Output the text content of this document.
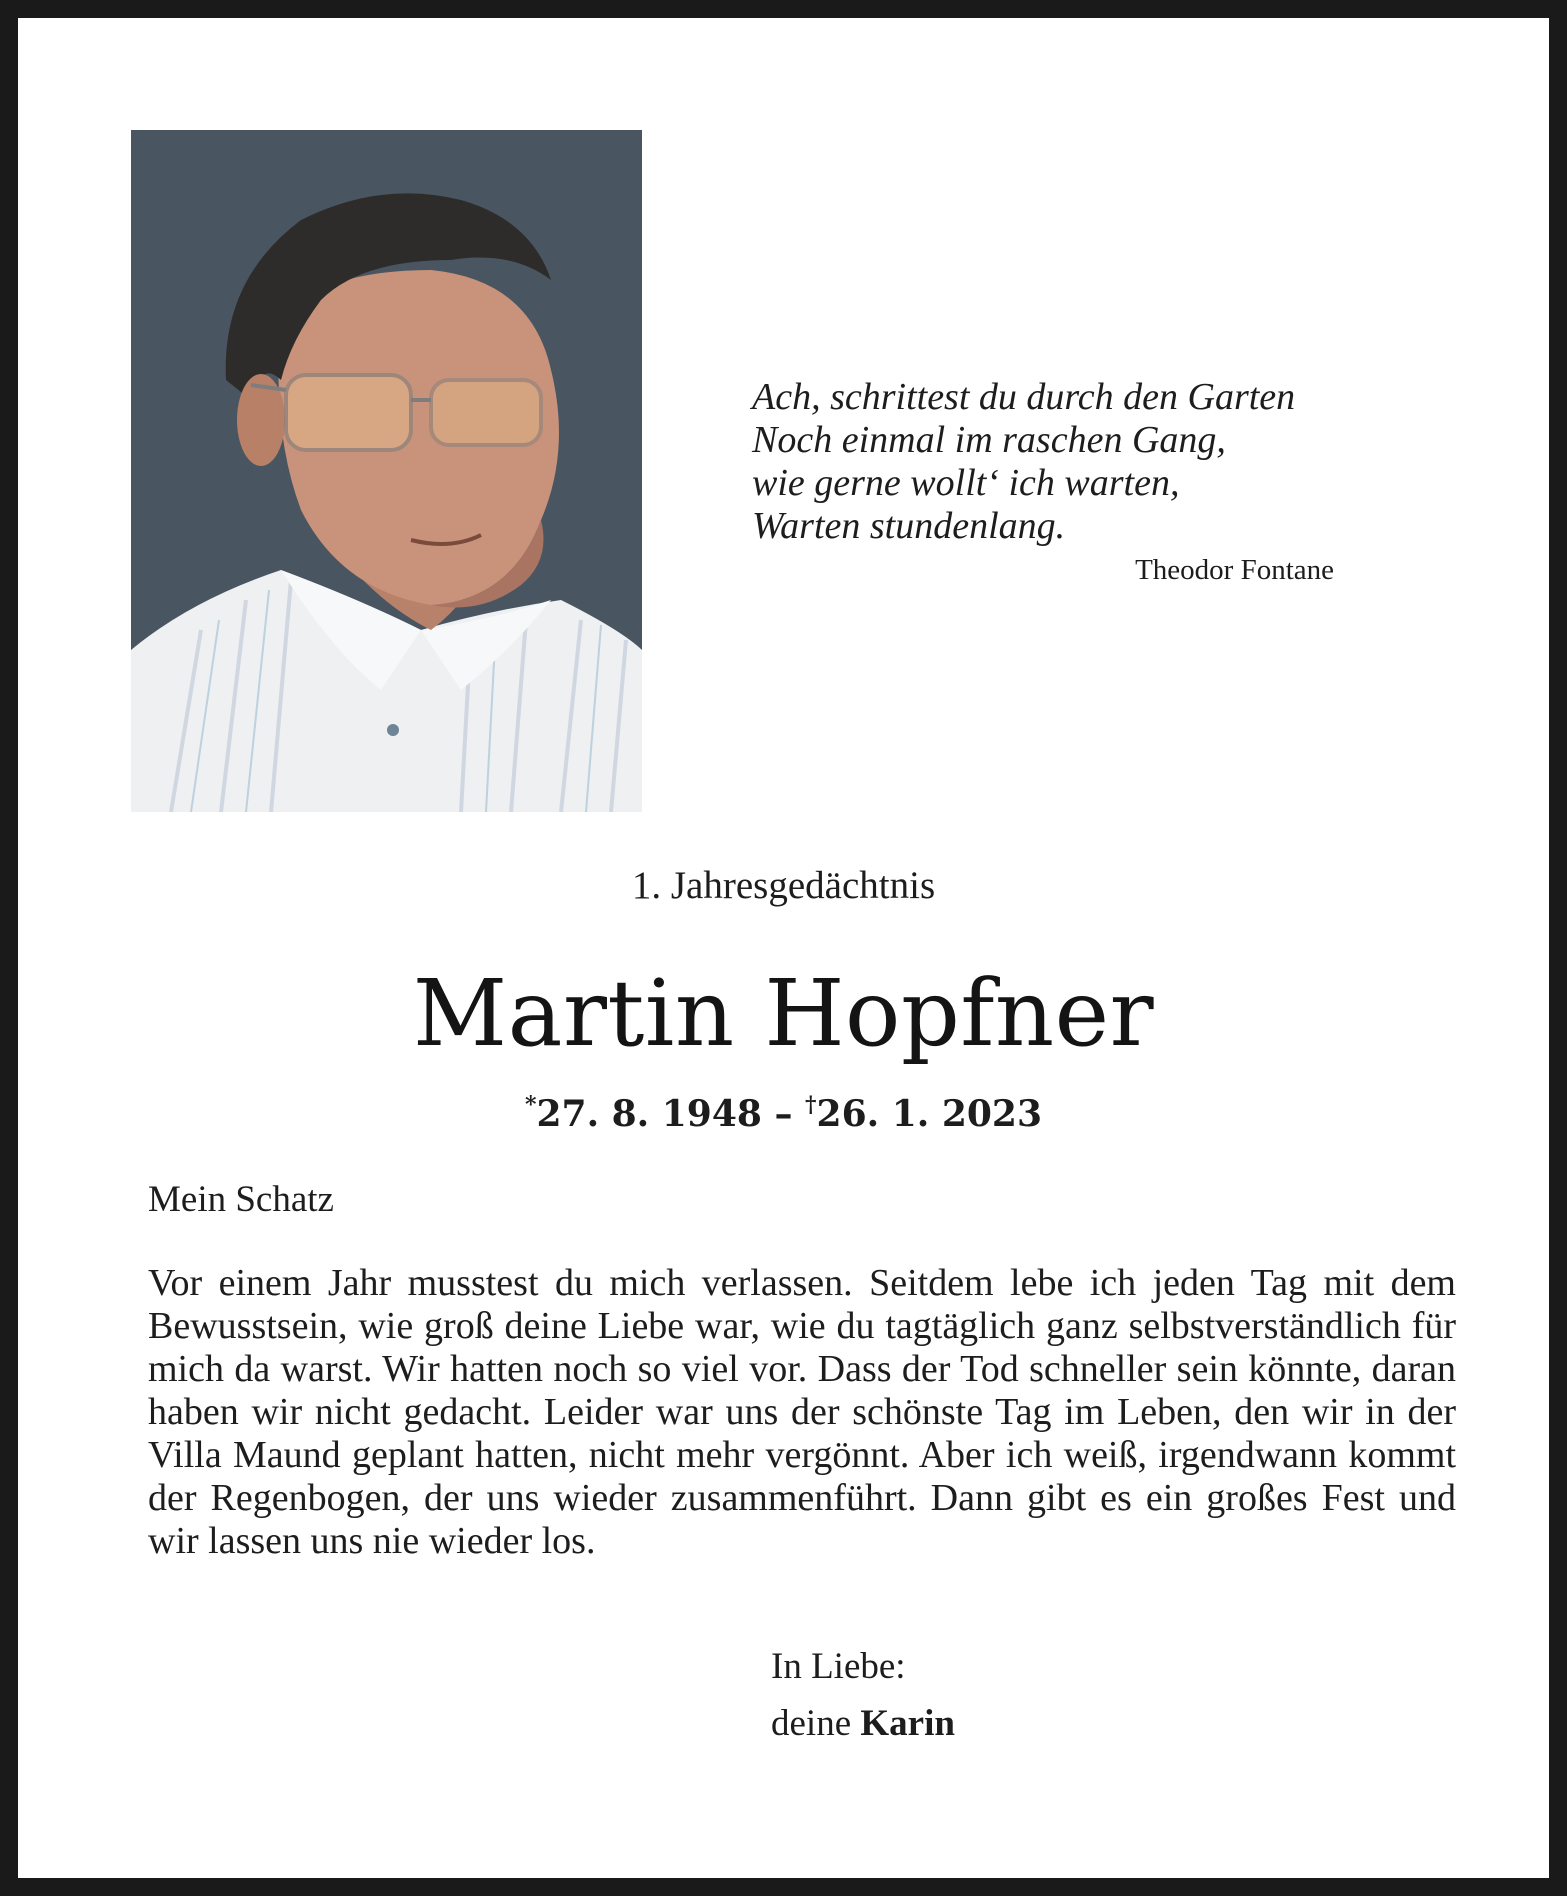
Ach, schrittest du durch den Garten
Noch einmal im raschen Gang,
wie gerne wollt‘ ich warten,
Warten stundenlang.
Theodor Fontane
1. Jahresgedächtnis
Martin Hopfner
*27. 8. 1948 – †26. 1. 2023
Mein Schatz
Vor einem Jahr musstest du mich verlassen. Seitdem lebe ich jeden Tag mit dem Bewusstsein, wie groß deine Liebe war, wie du tagtäglich ganz selbstverständlich für mich da warst. Wir hatten noch so viel vor. Dass der Tod schneller sein könnte, daran haben wir nicht gedacht. Leider war uns der schönste Tag im Leben, den wir in der Villa Maund geplant hatten, nicht mehr vergönnt. Aber ich weiß, irgendwann kommt der Regenbogen, der uns wieder zusammenführt. Dann gibt es ein großes Fest und wir lassen uns nie wieder los.
In Liebe:
deine Karin
